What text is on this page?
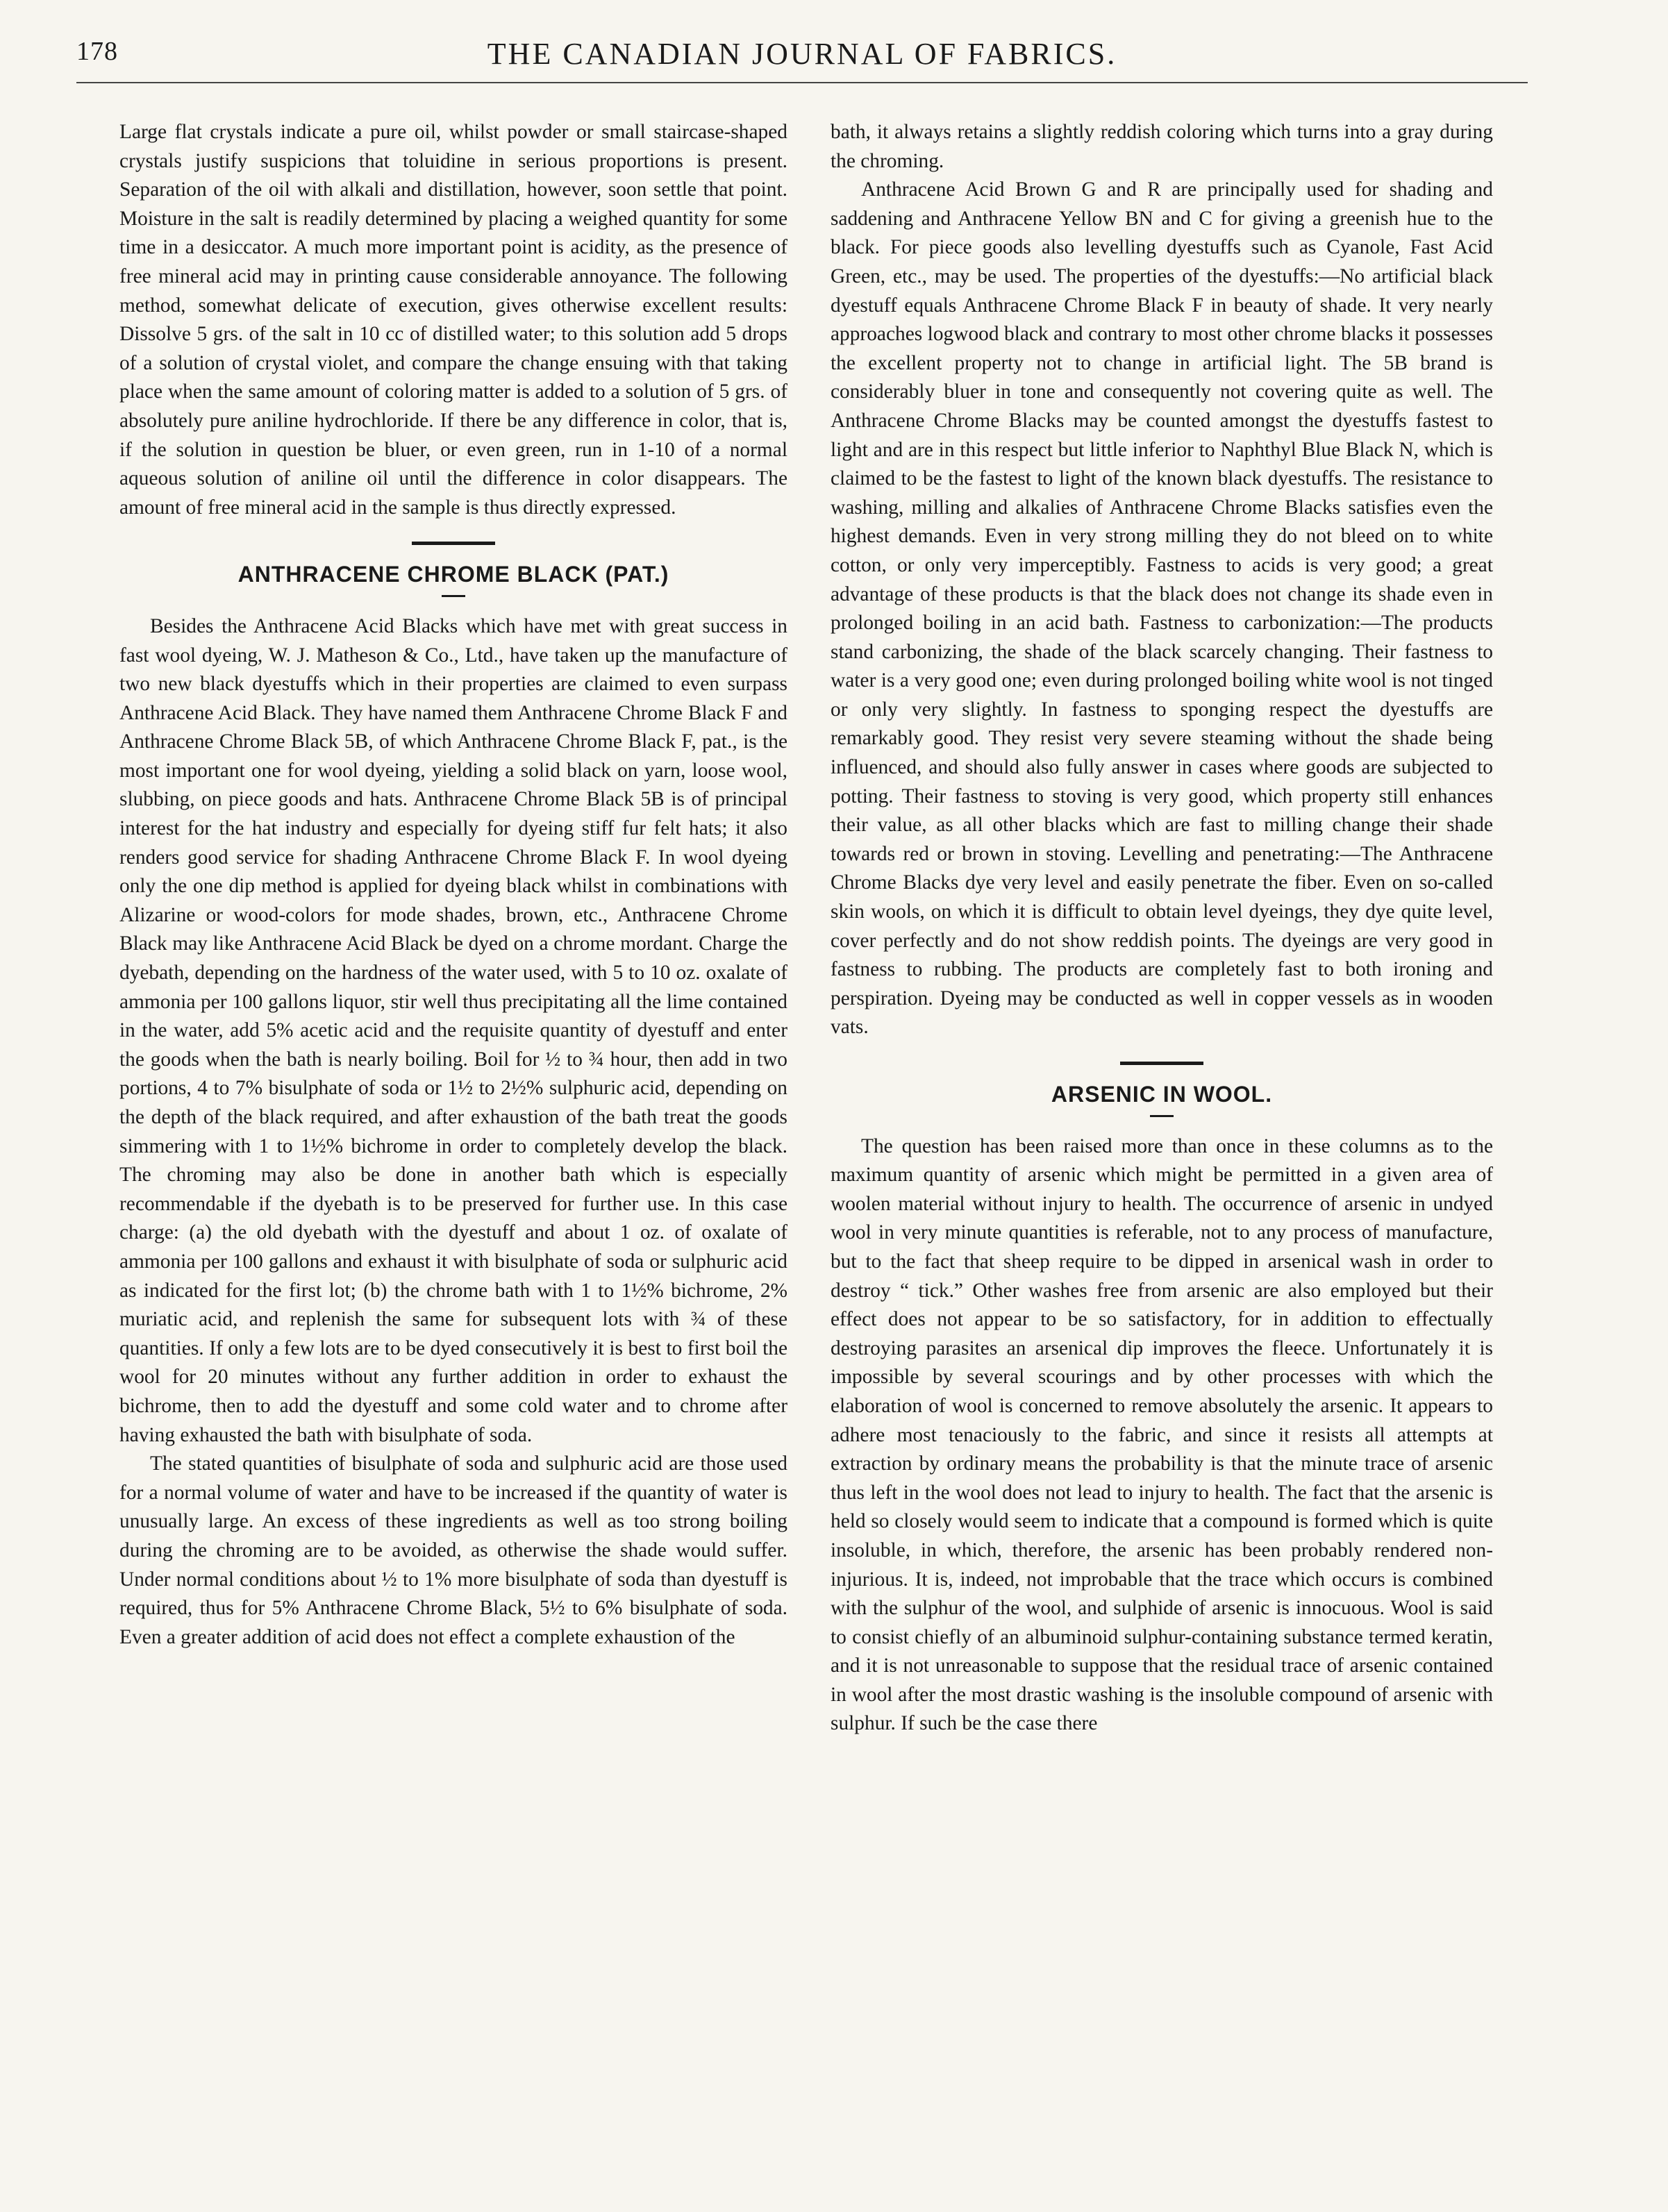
THE CANADIAN JOURNAL OF FABRICS.
178

Large flat crystals indicate a pure oil, whilst powder or small staircase-shaped crystals justify suspicions that toluidine in serious proportions is present. Separation of the oil with alkali and distillation, however, soon settle that point. Moisture in the salt is readily determined by placing a weighed quantity for some time in a desiccator. A much more important point is acidity, as the presence of free mineral acid may in printing cause considerable annoyance. The following method, somewhat delicate of execution, gives otherwise excellent results: Dissolve 5 grs. of the salt in 10 cc of distilled water; to this solution add 5 drops of a solution of crystal violet, and compare the change ensuing with that taking place when the same amount of coloring matter is added to a solution of 5 grs. of absolutely pure aniline hydrochloride. If there be any difference in color, that is, if the solution in question be bluer, or even green, run in 1-10 of a normal aqueous solution of aniline oil until the difference in color disappears. The amount of free mineral acid in the sample is thus directly expressed.

ANTHRACENE CHROME BLACK (PAT.)

Besides the Anthracene Acid Blacks which have met with great success in fast wool dyeing, W. J. Matheson & Co., Ltd., have taken up the manufacture of two new black dyestuffs which in their properties are claimed to even surpass Anthracene Acid Black. They have named them Anthracene Chrome Black F and Anthracene Chrome Black 5B, of which Anthracene Chrome Black F, pat., is the most important one for wool dyeing, yielding a solid black on yarn, loose wool, slubbing, on piece goods and hats. Anthracene Chrome Black 5B is of principal interest for the hat industry and especially for dyeing stiff fur felt hats; it also renders good service for shading Anthracene Chrome Black F. In wool dyeing only the one dip method is applied for dyeing black whilst in combinations with Alizarine or wood-colors for mode shades, brown, etc., Anthracene Chrome Black may like Anthracene Acid Black be dyed on a chrome mordant. Charge the dyebath, depending on the hardness of the water used, with 5 to 10 oz. oxalate of ammonia per 100 gallons liquor, stir well thus precipitating all the lime contained in the water, add 5% acetic acid and the requisite quantity of dyestuff and enter the goods when the bath is nearly boiling. Boil for ½ to ¾ hour, then add in two portions, 4 to 7% bisulphate of soda or 1½ to 2½% sulphuric acid, depending on the depth of the black required, and after exhaustion of the bath treat the goods simmering with 1 to 1½% bichrome in order to completely develop the black. The chroming may also be done in another bath which is especially recommendable if the dyebath is to be preserved for further use. In this case charge: (a) the old dyebath with the dyestuff and about 1 oz. of oxalate of ammonia per 100 gallons and exhaust it with bisulphate of soda or sulphuric acid as indicated for the first lot; (b) the chrome bath with 1 to 1½% bichrome, 2% muriatic acid, and replenish the same for subsequent lots with ¾ of these quantities. If only a few lots are to be dyed consecutively it is best to first boil the wool for 20 minutes without any further addition in order to exhaust the bichrome, then to add the dyestuff and some cold water and to chrome after having exhausted the bath with bisulphate of soda.

The stated quantities of bisulphate of soda and sulphuric acid are those used for a normal volume of water and have to be increased if the quantity of water is unusually large. An excess of these ingredients as well as too strong boiling during the chroming are to be avoided, as otherwise the shade would suffer. Under normal conditions about ½ to 1% more bisulphate of soda than dyestuff is required, thus for 5% Anthracene Chrome Black, 5½ to 6% bisulphate of soda. Even a greater addition of acid does not effect a complete exhaustion of the

bath, it always retains a slightly reddish coloring which turns into a gray during the chroming.

Anthracene Acid Brown G and R are principally used for shading and saddening and Anthracene Yellow BN and C for giving a greenish hue to the black. For piece goods also levelling dyestuffs such as Cyanole, Fast Acid Green, etc., may be used. The properties of the dyestuffs:—No artificial black dyestuff equals Anthracene Chrome Black F in beauty of shade. It very nearly approaches logwood black and contrary to most other chrome blacks it possesses the excellent property not to change in artificial light. The 5B brand is considerably bluer in tone and consequently not covering quite as well. The Anthracene Chrome Blacks may be counted amongst the dyestuffs fastest to light and are in this respect but little inferior to Naphthyl Blue Black N, which is claimed to be the fastest to light of the known black dyestuffs. The resistance to washing, milling and alkalies of Anthracene Chrome Blacks satisfies even the highest demands. Even in very strong milling they do not bleed on to white cotton, or only very imperceptibly. Fastness to acids is very good; a great advantage of these products is that the black does not change its shade even in prolonged boiling in an acid bath. Fastness to carbonization:—The products stand carbonizing, the shade of the black scarcely changing. Their fastness to water is a very good one; even during prolonged boiling white wool is not tinged or only very slightly. In fastness to sponging respect the dyestuffs are remarkably good. They resist very severe steaming without the shade being influenced, and should also fully answer in cases where goods are subjected to potting. Their fastness to stoving is very good, which property still enhances their value, as all other blacks which are fast to milling change their shade towards red or brown in stoving. Levelling and penetrating:—The Anthracene Chrome Blacks dye very level and easily penetrate the fiber. Even on so-called skin wools, on which it is difficult to obtain level dyeings, they dye quite level, cover perfectly and do not show reddish points. The dyeings are very good in fastness to rubbing. The products are completely fast to both ironing and perspiration. Dyeing may be conducted as well in copper vessels as in wooden vats.

ARSENIC IN WOOL.

The question has been raised more than once in these columns as to the maximum quantity of arsenic which might be permitted in a given area of woolen material without injury to health. The occurrence of arsenic in undyed wool in very minute quantities is referable, not to any process of manufacture, but to the fact that sheep require to be dipped in arsenical wash in order to destroy “ tick.” Other washes free from arsenic are also employed but their effect does not appear to be so satisfactory, for in addition to effectually destroying parasites an arsenical dip improves the fleece. Unfortunately it is impossible by several scourings and by other processes with which the elaboration of wool is concerned to remove absolutely the arsenic. It appears to adhere most tenaciously to the fabric, and since it resists all attempts at extraction by ordinary means the probability is that the minute trace of arsenic thus left in the wool does not lead to injury to health. The fact that the arsenic is held so closely would seem to indicate that a compound is formed which is quite insoluble, in which, therefore, the arsenic has been probably rendered non-injurious. It is, indeed, not improbable that the trace which occurs is combined with the sulphur of the wool, and sulphide of arsenic is innocuous. Wool is said to consist chiefly of an albuminoid sulphur-containing substance termed keratin, and it is not unreasonable to suppose that the residual trace of arsenic contained in wool after the most drastic washing is the insoluble compound of arsenic with sulphur. If such be the case there
